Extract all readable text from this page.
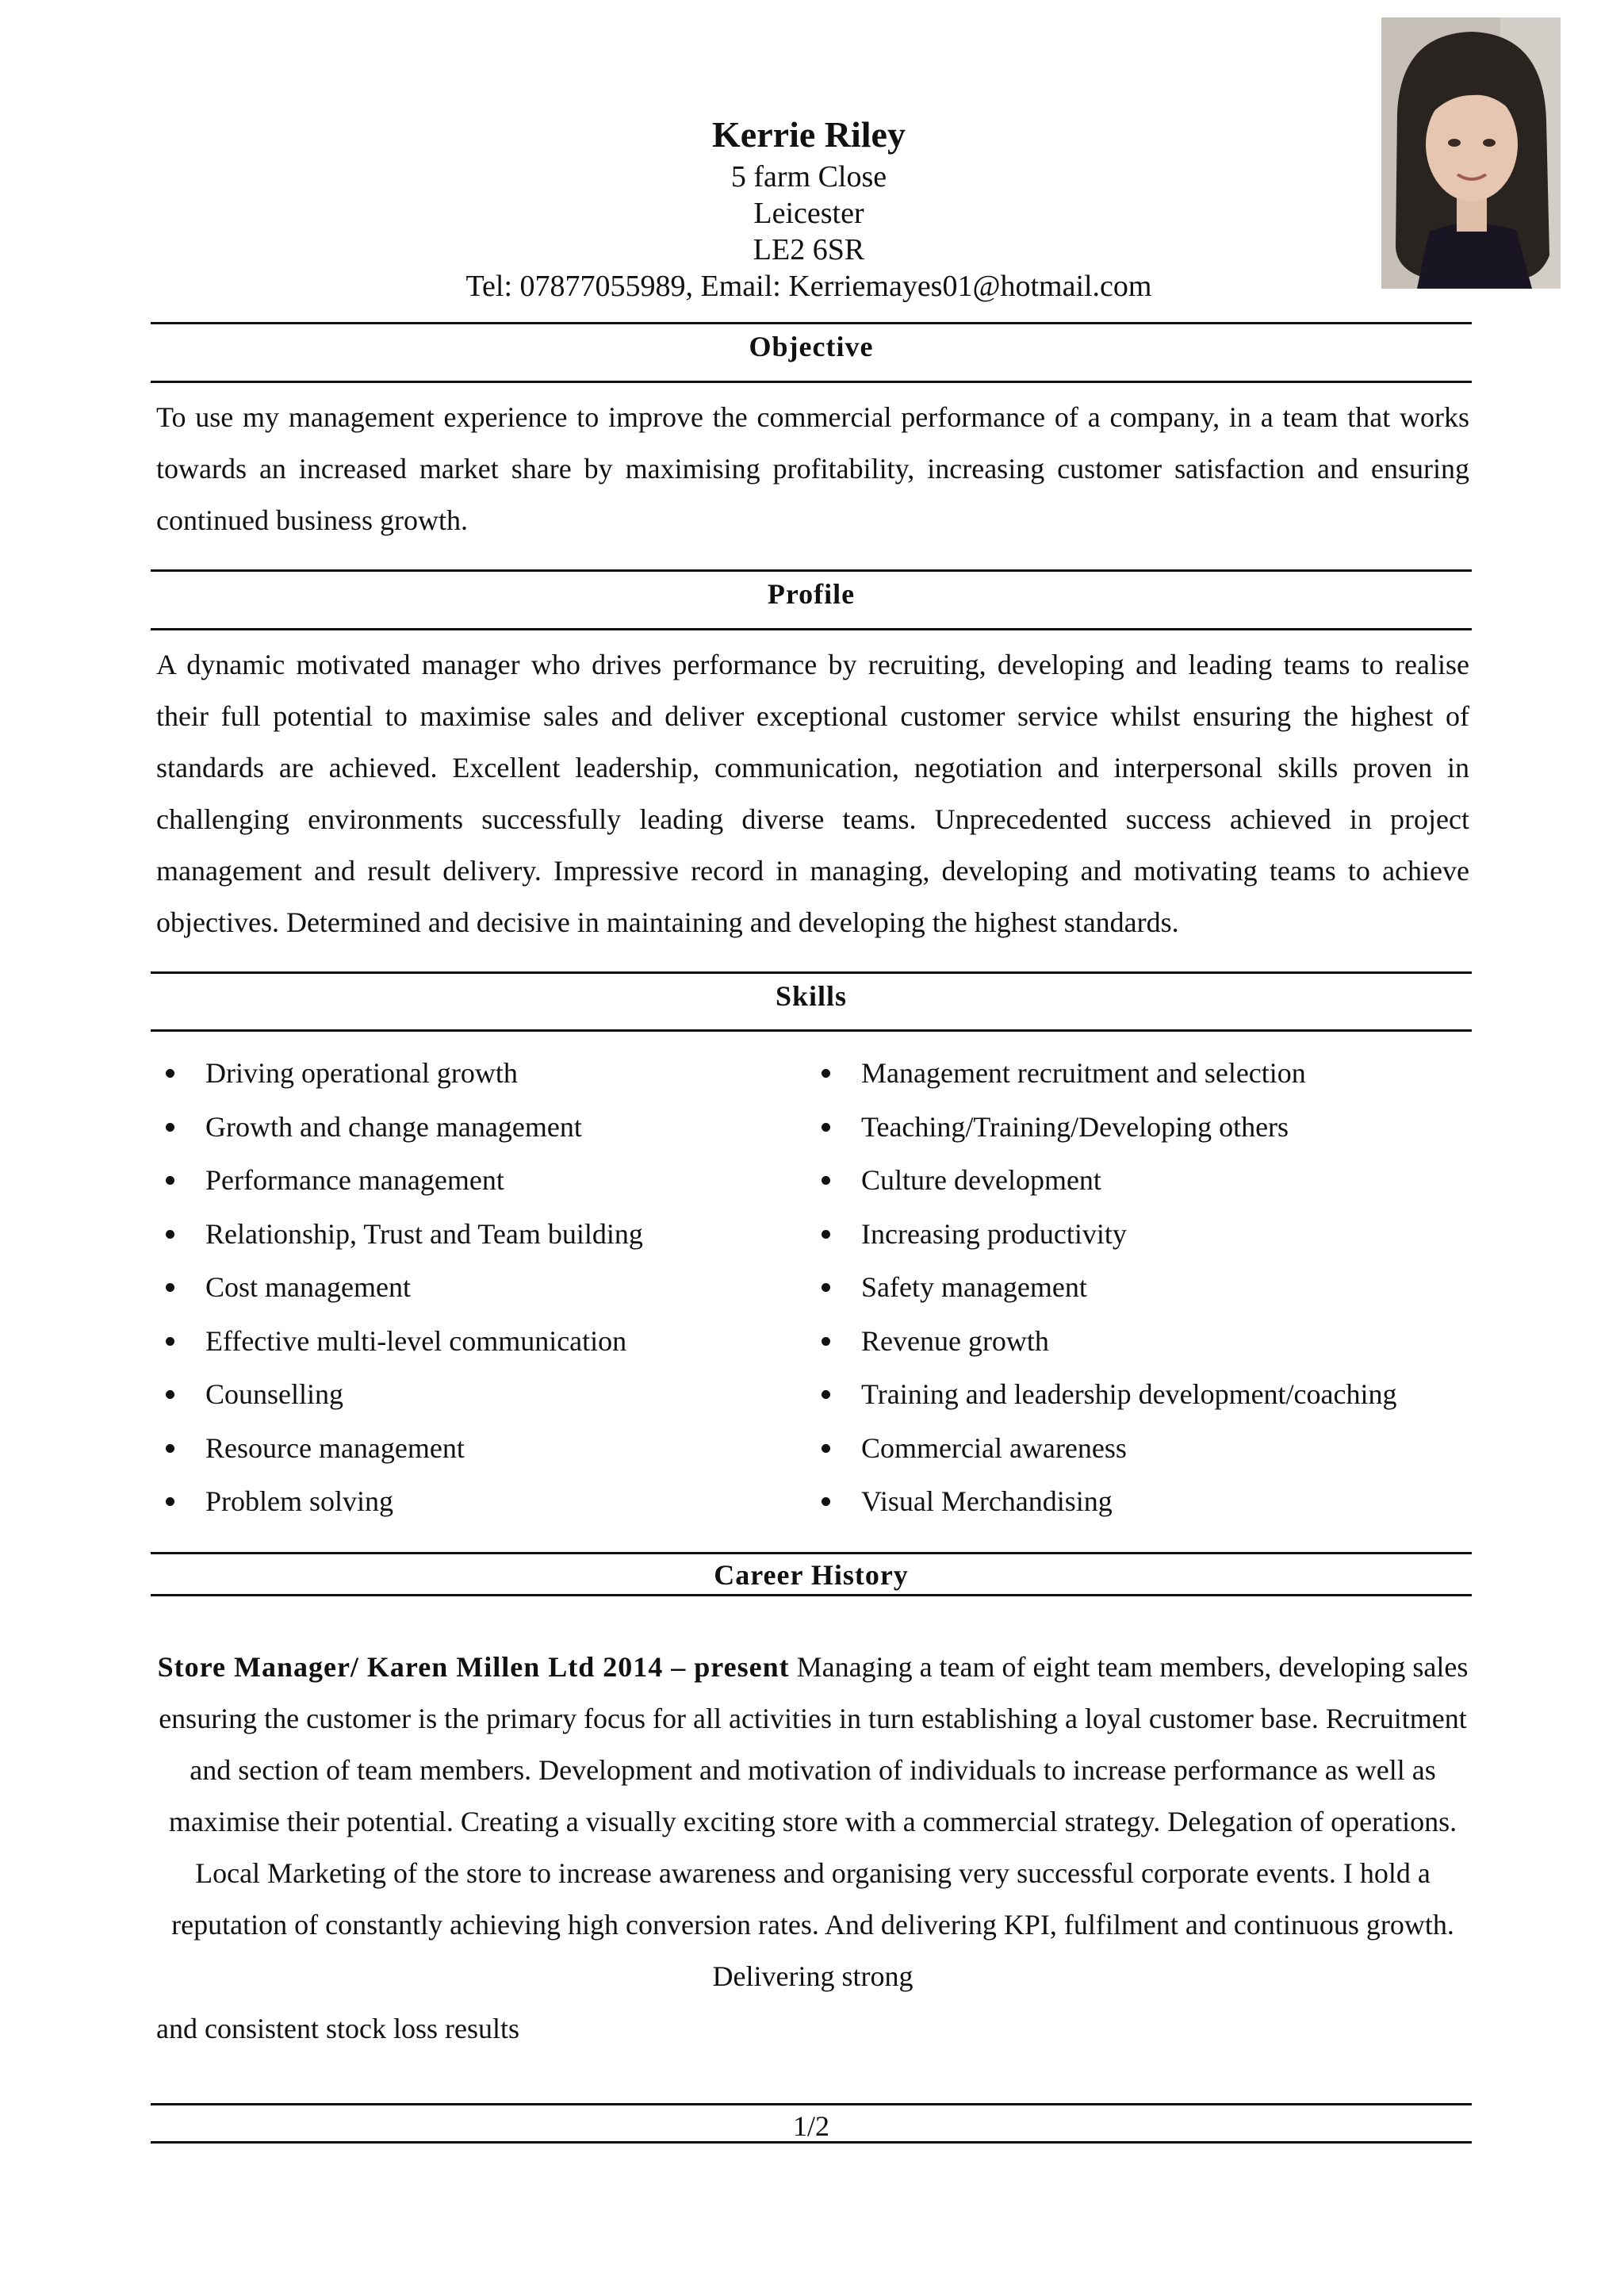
Kerrie Riley
5 farm Close
Leicester
LE2 6SR
Tel: 07877055989, Email: Kerriemayes01@hotmail.com
Objective

To use my management experience to improve the commercial performance of a company, in a team that works towards an increased market share by maximising profitability, increasing customer satisfaction and ensuring continued business growth.

Profile

A dynamic motivated manager who drives performance by recruiting, developing and leading teams to realise their full potential to maximise sales and deliver exceptional customer service whilst ensuring the highest of standards are achieved. Excellent leadership, communication, negotiation and interpersonal skills proven in challenging environments successfully leading diverse teams. Unprecedented success achieved in project management and result delivery. Impressive record in managing, developing and motivating teams to achieve objectives. Determined and decisive in maintaining and developing the highest standards.

Skills
Driving operational growth
Growth and change management
Performance management
Relationship, Trust and Team building
Cost management
Effective multi-level communication
Counselling
Resource management
Problem solving
Management recruitment and selection
Teaching/Training/Developing others
Culture development
Increasing productivity
Safety management
Revenue growth
Training and leadership development/coaching
Commercial awareness
Visual Merchandising
Career History
Store Manager/ Karen Millen Ltd 2014 – present Managing a team of eight team members, developing sales ensuring the customer is the primary focus for all activities in turn establishing a loyal customer base. Recruitment and section of team members. Development and motivation of individuals to increase performance as well as maximise their potential. Creating a visually exciting store with a commercial strategy. Delegation of operations. Local Marketing of the store to increase awareness and organising very successful corporate events. I hold a reputation of constantly achieving high conversion rates. And delivering KPI, fulfilment and continuous growth. Delivering strong
and consistent stock loss results
1/2
